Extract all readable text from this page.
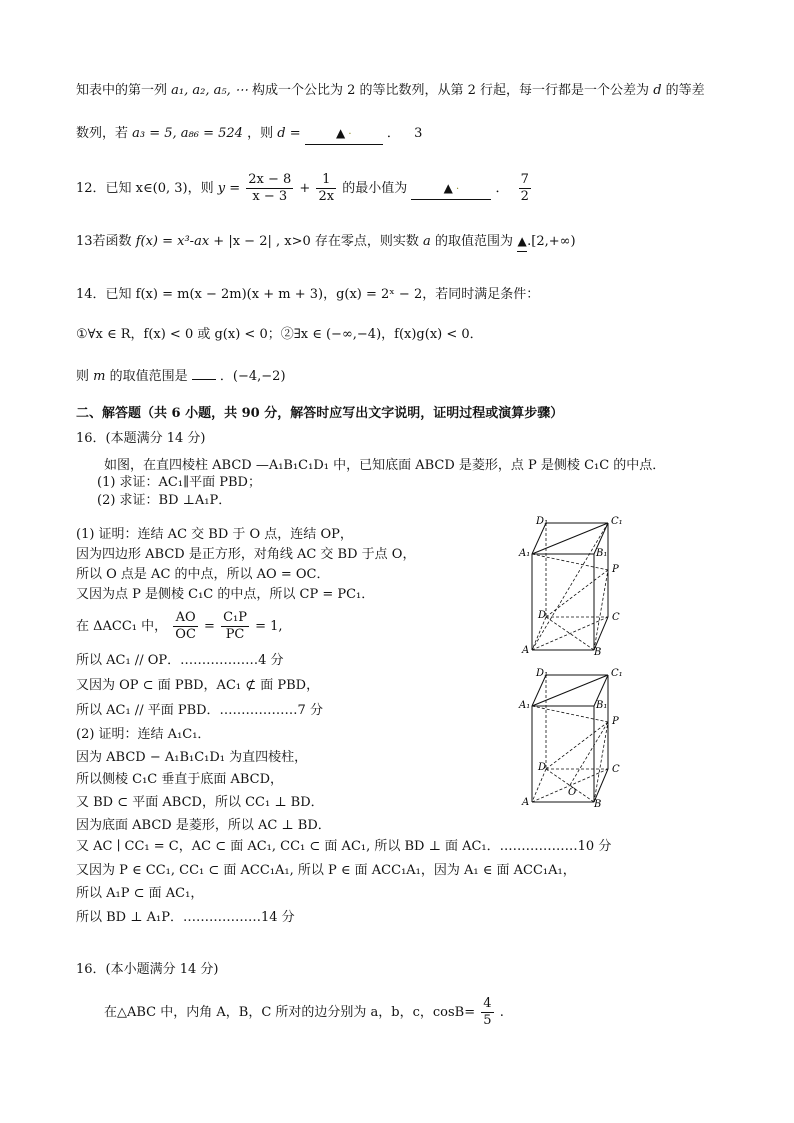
知表中的第一列 a₁, a₂, a₅, ⋯ 构成一个公比为 2 的等比数列，从第 2 行起，每一行都是一个公差为 d 的等差
数列，若 a₃ = 5, a₈₆ = 524 ，则 d =	▲ ·	． 3
12．已知 x∈(0, 3)，则 $y = \frac{2x - 8}{x - 3} + \frac{1}{2x}$ 的最小值为	▲ ·	． $\frac{7}{2}$
13若函数 f(x) = x³-ax + |x − 2| , x>0 存在零点，则实数 a 的取值范围为 ▲.[2,+∞)
14．已知 f(x) = m(x − 2m)(x + m + 3)，g(x) = 2ˣ − 2，若同时满足条件：
①∀x ∈ R，f(x) < 0 或 g(x) < 0；②∃x ∈ (−∞,−4)，f(x)g(x) < 0．
则 m 的取值范围是 ．(−4,−2)
二、解答题（共 6 小题，共 90 分，解答时应写出文字说明，证明过程或演算步骤）
16．(本题满分 14 分)
如图，在直四棱柱 ABCD —A₁B₁C₁D₁ 中，已知底面 ABCD 是菱形，点 P 是侧棱 C₁C 的中点．
(1) 求证：AC₁∥平面 PBD；
(2) 求证：BD ⊥A₁P．
(1) 证明：连结 AC 交 BD 于 O 点，连结 OP，
因为四边形 ABCD 是正方形，对角线 AC 交 BD 于点 O，
所以 O 点是 AC 的中点，所以 AO = OC．
又因为点 P 是侧棱 C₁C 的中点，所以 CP = PC₁．
在 ΔACC₁ 中， $\frac{AO}{OC} = \frac{\text{C₁P}}{PC} = 1$,
所以 AC₁ // OP．………………4 分
又因为 OP ⊂ 面 PBD，AC₁ ⊄ 面 PBD，
所以 AC₁ // 平面 PBD．………………7 分
(2) 证明：连结 A₁C₁．
因为 ABCD − A₁B₁C₁D₁ 为直四棱柱，
所以侧棱 C₁C 垂直于底面 ABCD，
又 BD ⊂ 平面 ABCD，所以 CC₁ ⊥ BD．
因为底面 ABCD 是菱形，所以 AC ⊥ BD．
又 AC ∣ CC₁ = C，AC ⊂ 面 AC₁, CC₁ ⊂ 面 AC₁, 所以 BD ⊥ 面 AC₁．………………10 分
又因为 P ∈ CC₁, CC₁ ⊂ 面 ACC₁A₁, 所以 P ∈ 面 ACC₁A₁，因为 A₁ ∈ 面 ACC₁A₁，
所以 A₁P ⊂ 面 AC₁，
所以 BD ⊥ A₁P．………………14 分
16．(本小题满分 14 分)
在△ABC 中，内角 A，B，C 所对的边分别为 a，b，c，$\cos B= \frac{4}{5}$ .
D₁	C₁
A₁	B₁
P
D	C
A	B
D₁	C₁
A₁	B₁
P
D	C
O
A	B
